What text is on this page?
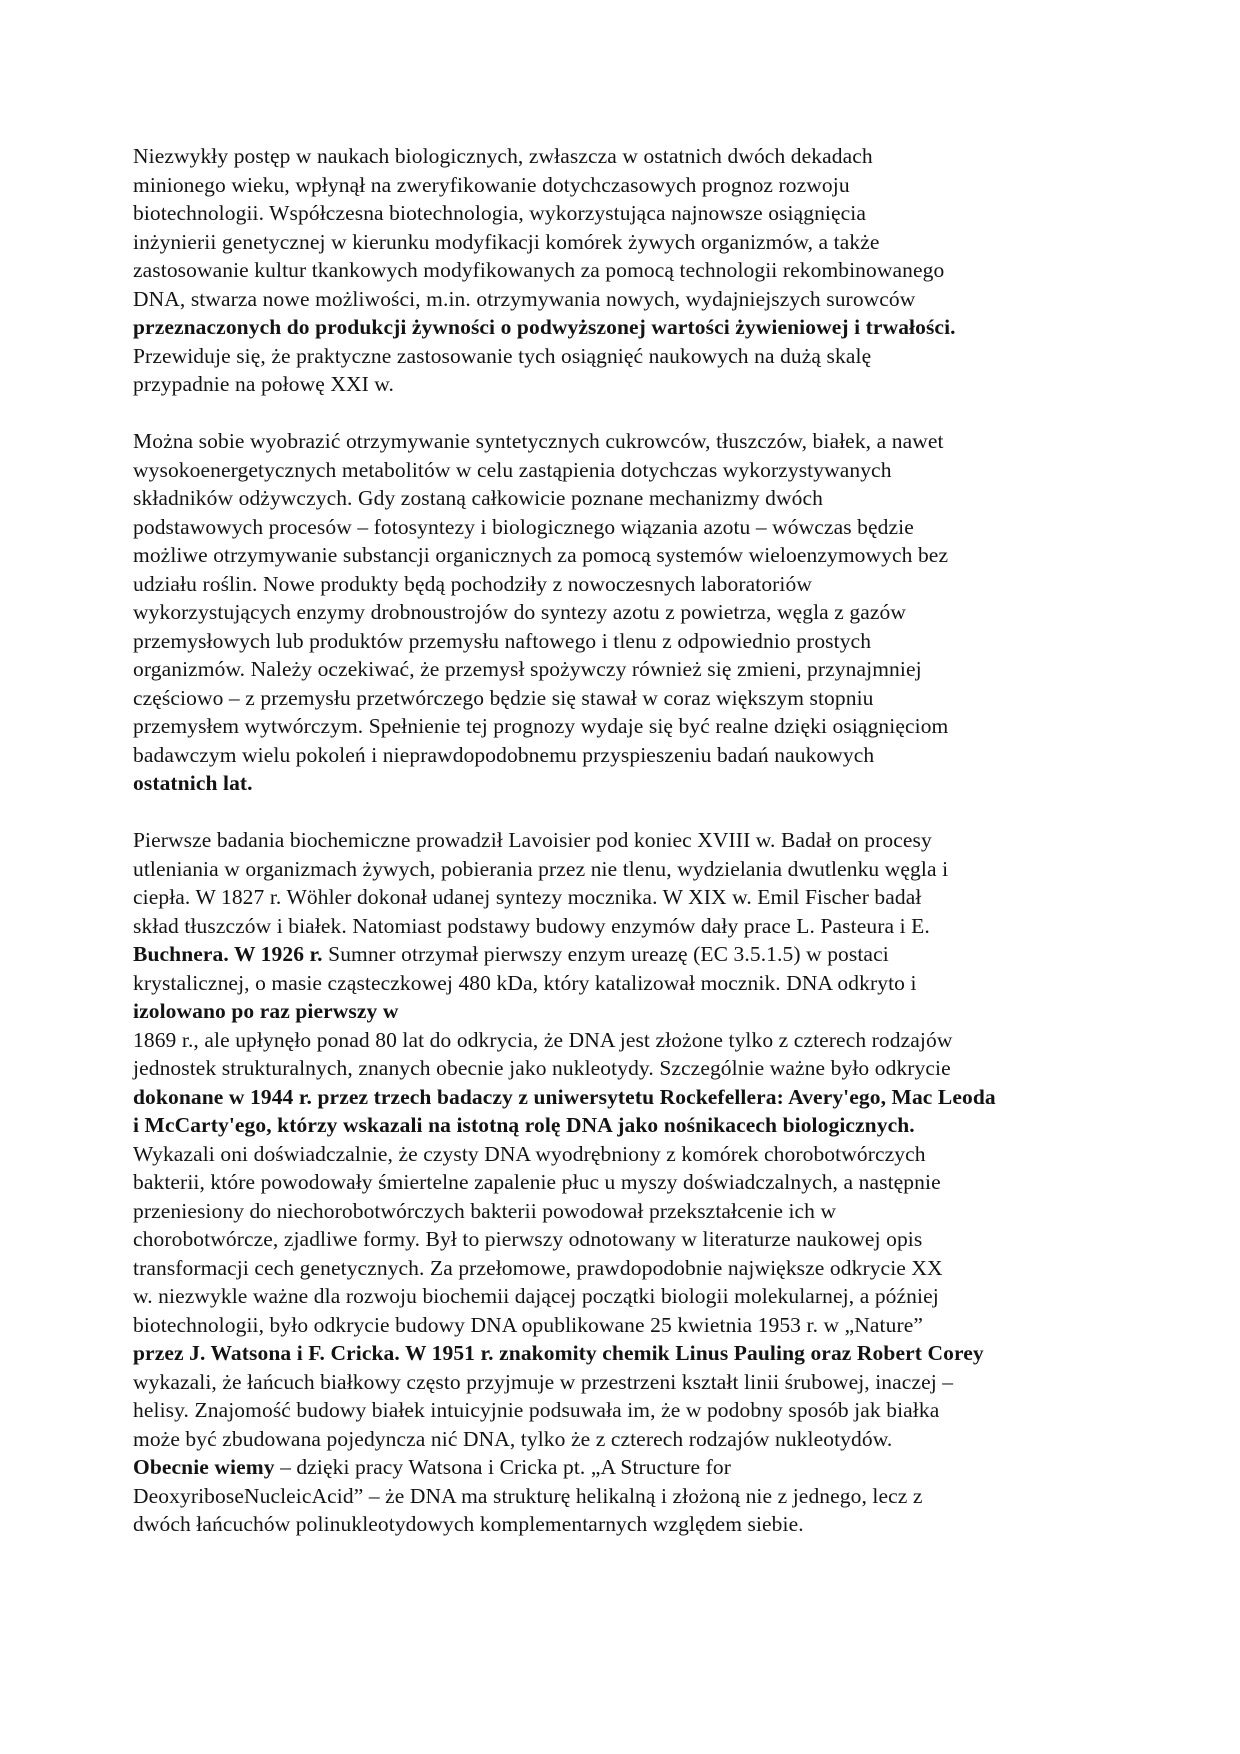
Niezwykły postęp w naukach biologicznych, zwłaszcza w ostatnich dwóch dekadach
minionego wieku, wpłynął na zweryfikowanie dotychczasowych prognoz rozwoju
biotechnologii. Współczesna biotechnologia, wykorzystująca najnowsze osiągnięcia
inżynierii genetycznej w kierunku modyfikacji komórek żywych organizmów, a także
zastosowanie kultur tkankowych modyfikowanych za pomocą technologii rekombinowanego
DNA, stwarza nowe możliwości, m.in. otrzymywania nowych, wydajniejszych surowców
przeznaczonych do produkcji żywności o podwyższonej wartości żywieniowej i trwałości.
Przewiduje się, że praktyczne zastosowanie tych osiągnięć naukowych na dużą skalę
przypadnie na połowę XXI w.
Można sobie wyobrazić otrzymywanie syntetycznych cukrowców, tłuszczów, białek, a nawet
wysokoenergetycznych metabolitów w celu zastąpienia dotychczas wykorzystywanych
składników odżywczych. Gdy zostaną całkowicie poznane mechanizmy dwóch
podstawowych procesów – fotosyntezy i biologicznego wiązania azotu – wówczas będzie
możliwe otrzymywanie substancji organicznych za pomocą systemów wieloenzymowych bez
udziału roślin. Nowe produkty będą pochodziły z nowoczesnych laboratoriów
wykorzystujących enzymy drobnoustrojów do syntezy azotu z powietrza, węgla z gazów
przemysłowych lub produktów przemysłu naftowego i tlenu z odpowiednio prostych
organizmów. Należy oczekiwać, że przemysł spożywczy również się zmieni, przynajmniej
częściowo – z przemysłu przetwórczego będzie się stawał w coraz większym stopniu
przemysłem wytwórczym. Spełnienie tej prognozy wydaje się być realne dzięki osiągnięciom
badawczym wielu pokoleń i nieprawdopodobnemu przyspieszeniu badań naukowych
ostatnich lat.
Pierwsze badania biochemiczne prowadził Lavoisier pod koniec XVIII w. Badał on procesy
utleniania w organizmach żywych, pobierania przez nie tlenu, wydzielania dwutlenku węgla i
ciepła. W 1827 r. Wöhler dokonał udanej syntezy mocznika. W XIX w. Emil Fischer badał
skład tłuszczów i białek. Natomiast podstawy budowy enzymów dały prace L. Pasteura i E.
Buchnera. W 1926 r. Sumner otrzymał pierwszy enzym ureazę (EC 3.5.1.5) w postaci
krystalicznej, o masie cząsteczkowej 480 kDa, który katalizował mocznik. DNA odkryto i
izolowano po raz pierwszy w
1869 r., ale upłynęło ponad 80 lat do odkrycia, że DNA jest złożone tylko z czterech rodzajów
jednostek strukturalnych, znanych obecnie jako nukleotydy. Szczególnie ważne było odkrycie
dokonane w 1944 r. przez trzech badaczy z uniwersytetu Rockefellera: Avery'ego, Mac Leoda
i McCarty'ego, którzy wskazali na istotną rolę DNA jako nośnikacech biologicznych.
Wykazali oni doświadczalnie, że czysty DNA wyodrębniony z komórek chorobotwórczych
bakterii, które powodowały śmiertelne zapalenie płuc u myszy doświadczalnych, a następnie
przeniesiony do niechorobotwórczych bakterii powodował przekształcenie ich w
chorobotwórcze, zjadliwe formy. Był to pierwszy odnotowany w literaturze naukowej opis
transformacji cech genetycznych. Za przełomowe, prawdopodobnie największe odkrycie XX
w. niezwykle ważne dla rozwoju biochemii dającej początki biologii molekularnej, a później
biotechnologii, było odkrycie budowy DNA opublikowane 25 kwietnia 1953 r. w „Nature”
przez J. Watsona i F. Cricka. W 1951 r. znakomity chemik Linus Pauling oraz Robert Corey
wykazali, że łańcuch białkowy często przyjmuje w przestrzeni kształt linii śrubowej, inaczej –
helisy. Znajomość budowy białek intuicyjnie podsuwała im, że w podobny sposób jak białka
może być zbudowana pojedyncza nić DNA, tylko że z czterech rodzajów nukleotydów.
Obecnie wiemy – dzięki pracy Watsona i Cricka pt. „A Structure for
DeoxyriboseNucleicAcid” – że DNA ma strukturę helikalną i złożoną nie z jednego, lecz z
dwóch łańcuchów polinukleotydowych komplementarnych względem siebie.
